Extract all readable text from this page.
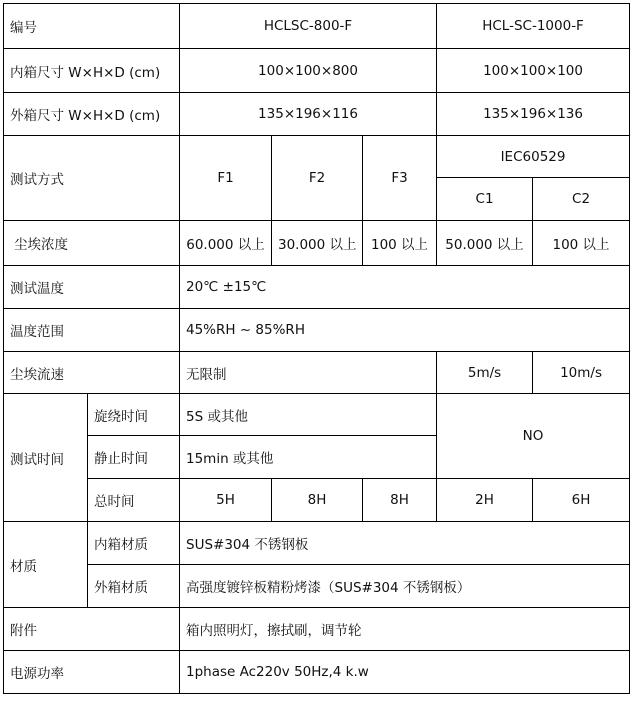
编号		HCLSC-800-F			HCL-SC-1000-F	
内箱尺寸 W×H×D (cm)		100×100×800			100×100×100	
外箱尺寸 W×H×D (cm)		135×196×116			135×196×136	
测试方式		F1	F2	F3	IEC60529	
					C1	C2
尘埃浓度		60.000 以上	30.000 以上	100 以上	50.000 以上	100 以上
测试温度		20℃ ±15℃				
温度范围		45%RH ~ 85%RH				
尘埃流速		无限制			5m/s	10m/s
测试时间	旋绕时间	5S 或其他			NO	
	静止时间	15min 或其他				
	总时间	5H	8H	8H	2H	6H
材质	内箱材质	SUS#304 不锈钢板				
	外箱材质	高强度镀锌板精粉烤漆（SUS#304 不锈钢板）				
附件		箱内照明灯，擦拭刷，调节轮				
电源功率		1phase Ac220v 50Hz,4 k.w				
